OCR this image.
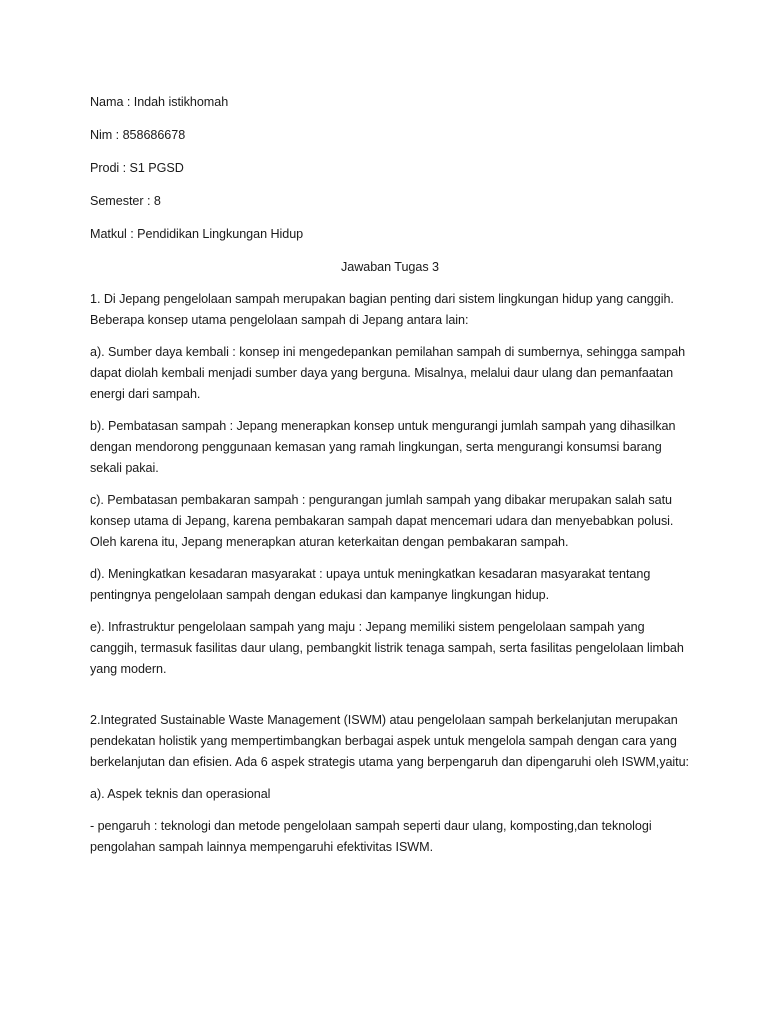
Nama : Indah istikhomah

Nim : 858686678

Prodi : S1 PGSD

Semester : 8

Matkul : Pendidikan Lingkungan Hidup

Jawaban Tugas 3

1. Di Jepang pengelolaan sampah merupakan bagian penting dari sistem lingkungan hidup yang canggih. Beberapa konsep utama pengelolaan sampah di Jepang antara lain:

a). Sumber daya kembali : konsep ini mengedepankan pemilahan sampah di sumbernya, sehingga sampah dapat diolah kembali menjadi sumber daya yang berguna. Misalnya, melalui daur ulang dan pemanfaatan energi dari sampah.

b). Pembatasan sampah : Jepang menerapkan konsep untuk mengurangi jumlah sampah yang dihasilkan dengan mendorong penggunaan kemasan yang ramah lingkungan, serta mengurangi konsumsi barang sekali pakai.

c). Pembatasan pembakaran sampah : pengurangan jumlah sampah yang dibakar merupakan salah satu konsep utama di Jepang, karena pembakaran sampah dapat mencemari udara dan menyebabkan polusi. Oleh karena itu, Jepang menerapkan aturan keterkaitan dengan pembakaran sampah.

d). Meningkatkan kesadaran masyarakat : upaya untuk meningkatkan kesadaran masyarakat tentang pentingnya pengelolaan sampah dengan edukasi dan kampanye lingkungan hidup.

e). Infrastruktur pengelolaan sampah yang maju : Jepang memiliki sistem pengelolaan sampah yang canggih, termasuk fasilitas daur ulang, pembangkit listrik tenaga sampah, serta fasilitas pengelolaan limbah yang modern.

2.Integrated Sustainable Waste Management (ISWM) atau pengelolaan sampah berkelanjutan merupakan pendekatan holistik yang mempertimbangkan berbagai aspek untuk mengelola sampah dengan cara yang berkelanjutan dan efisien. Ada 6 aspek strategis utama yang berpengaruh dan dipengaruhi oleh ISWM,yaitu:

a). Aspek teknis dan operasional

- pengaruh : teknologi dan metode pengelolaan sampah seperti daur ulang, komposting,dan teknologi pengolahan sampah lainnya mempengaruhi efektivitas ISWM.
